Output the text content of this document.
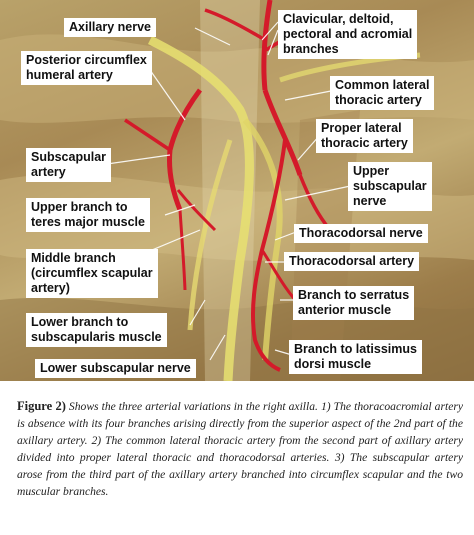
Axillary nerve
Clavicular, deltoid,
pectoral and acromial
branches
Posterior circumflex
humeral artery
Common lateral
thoracic artery
Proper lateral
thoracic artery
Subscapular
artery	Upper
subscapular
nerve
Upper branch to
teres major muscle
Thoracodorsal nerve
Thoracodorsal artery
Middle branch
(circumflex scapular
artery)	Branch to serratus
anterior muscle
Lower branch to
subscapularis muscle
Branch to latissimus
dorsi muscle
Lower subscapular nerve
Figure 2) Shows the three arterial variations in the right axilla. 1) The thoracoacromial artery is absence with its four branches arising directly from the superior aspect of the 2nd part of the axillary artery. 2) The common lateral thoracic artery from the second part of axillary artery divided into proper lateral thoracic and thoracodorsal arteries. 3) The subscapular artery arose from the third part of the axillary artery branched into circumflex scapular and the two muscular branches.
